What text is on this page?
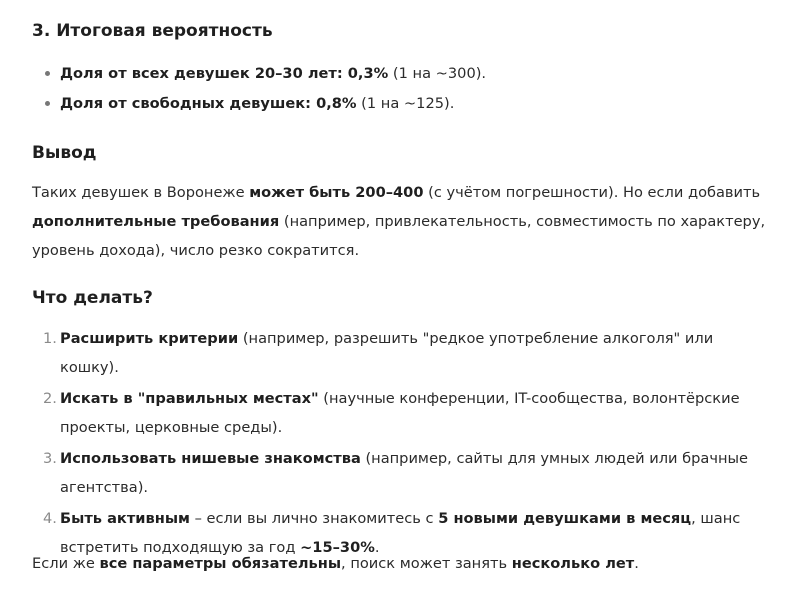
3. Итоговая вероятность
Доля от всех девушек 20–30 лет: 0,3% (1 на ~300).
Доля от свободных девушек: 0,8% (1 на ~125).
Вывод

Таких девушек в Воронеже может быть 200–400 (с учётом погрешности). Но если добавить

дополнительные требования (например, привлекательность, совместимость по характеру,

уровень дохода), число резко сократится.

Что делать?
1. Расширить критерии (например, разрешить "редкое употребление алкоголя" или кошку).
2. Искать в "правильных местах" (научные конференции, IT-сообщества, волонтёрские
проекты, церковные среды).
3. Использовать нишевые знакомства (например, сайты для умных людей или брачные
агентства).
4. Быть активным – если вы лично знакомитесь с 5 новыми девушками в месяц, шанс
встретить подходящую за год ~15–30%.

Если же все параметры обязательны, поиск может занять несколько лет.
